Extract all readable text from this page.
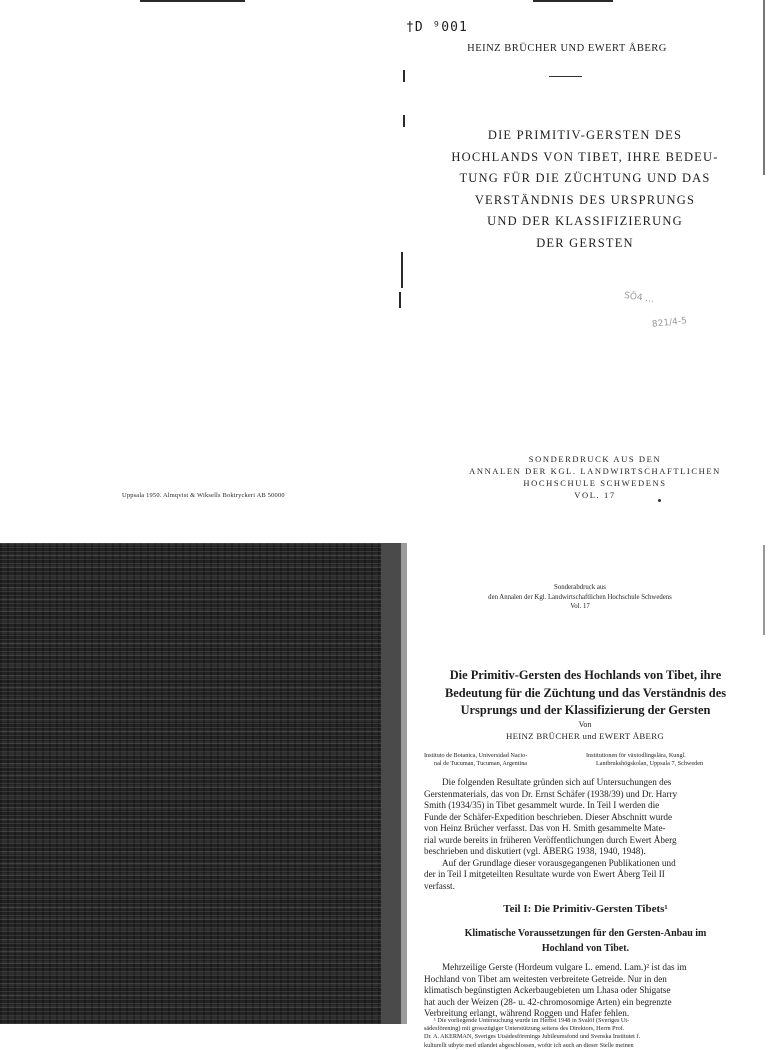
†D ⁹001
HEINZ BRÜCHER UND EWERT ÅBERG
DIE PRIMITIV-GERSTEN DES
HOCHLANDS VON TIBET, IHRE BEDEU-
TUNG FÜR DIE ZÜCHTUNG UND DAS
VERSTÄNDNIS DES URSPRUNGS
UND DER KLASSIFIZIERUNG
DER GERSTEN
SÖ4 ...
821/4-5
SONDERDRUCK AUS DEN
ANNALEN DER KGL. LANDWIRTSCHAFTLICHEN
HOCHSCHULE SCHWEDENS
VOL. 17
Uppsala 1950. Almqvist & Wiksells Boktryckeri AB 50000
Sonderabdruck aus
den Annalen der Kgl. Landwirtschaftlichen Hochschule Schwedens
Vol. 17
Die Primitiv-Gersten des Hochlands von Tibet, ihre
Bedeutung für die Züchtung und das Verständnis des
Ursprungs und der Klassifizierung der Gersten
Von
HEINZ BRÜCHER und EWERT ÅBERG
Instituto de Botanica, Universidad Nacio-
nal de Tucuman, Tucuman, Argentina
Institutionen för växtodlingslära, Kungl.
Lantbrukshögskolan, Uppsala 7, Schweden
Die folgenden Resultate gründen sich auf Untersuchungen des
Gerstenmaterials, das von Dr. Ernst Schäfer (1938/39) und Dr. Harry
Smith (1934/35) in Tibet gesammelt wurde. In Teil I werden die
Funde der Schäfer-Expedition beschrieben. Dieser Abschnitt wurde
von Heinz Brücher verfasst. Das von H. Smith gesammelte Mate-
rial wurde bereits in früheren Veröffentlichungen durch Ewert Åberg
beschrieben und diskutiert (vgl. ÅBERG 1938, 1940, 1948).
Auf der Grundlage dieser vorausgegangenen Publikationen und
der in Teil I mitgeteilten Resultate wurde von Ewert Åberg Teil II
verfasst.
Teil I: Die Primitiv-Gersten Tibets¹
Klimatische Voraussetzungen für den Gersten-Anbau im
Hochland von Tibet.
Mehrzeilige Gerste (Hordeum vulgare L. emend. Lam.)² ist das im
Hochland von Tibet am weitesten verbreitete Getreide. Nur in den
klimatisch begünstigten Ackerbaugebieten um Lhasa oder Shigatse
hat auch der Weizen (28- u. 42-chromosomige Arten) ein begrenzte
Verbreitung erlangt, während Roggen und Hafer fehlen.
¹ Die vorliegende Untersuchung wurde im Herbst 1948 in Svalöf (Sveriges Ut-
sädesförening) mit grosszügiger Unterstützung seitens des Direktors, Herrn Prof.
Dr. A. AKERMAN, Sveriges Utsädesförenings Jubileumsfond und Svenska Institutet f.
kulturellt utbyte med utlandet abgeschlossen, wofür ich auch an dieser Stelle meinen
